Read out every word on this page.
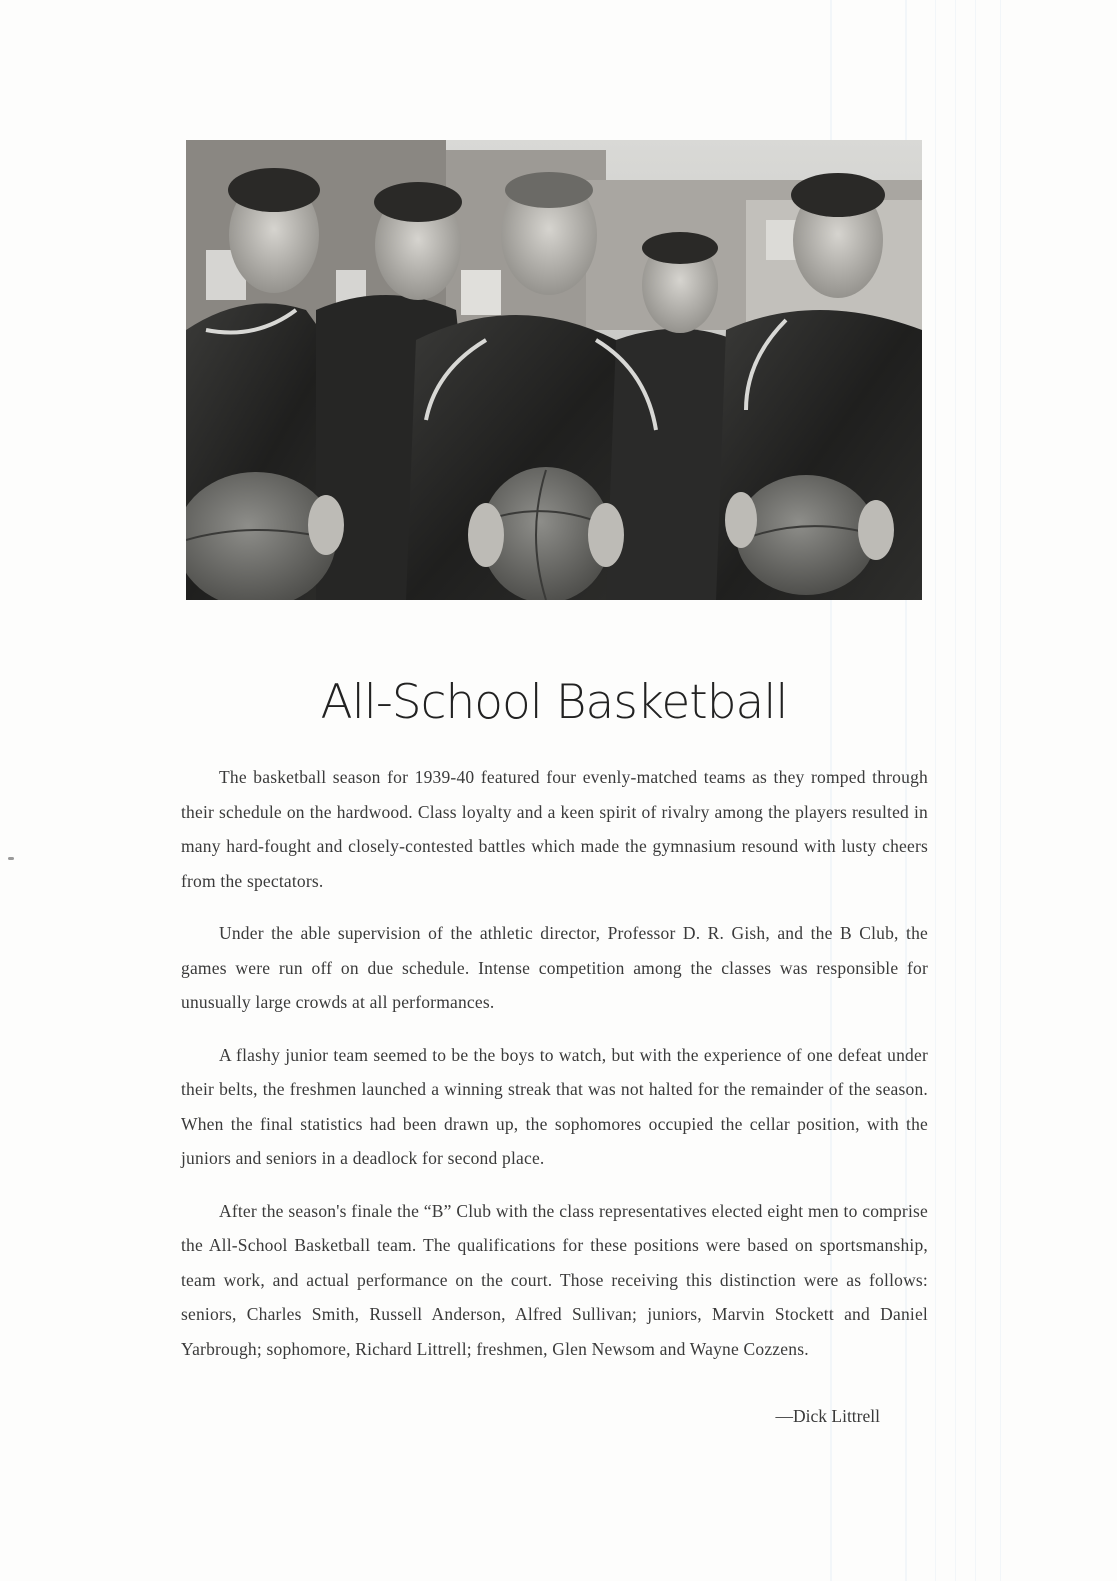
All-School Basketball

The basketball season for 1939-40 featured four evenly-matched teams as they romped through their schedule on the hardwood. Class loyalty and a keen spirit of rivalry among the players resulted in many hard-fought and closely-contested battles which made the gymnasium resound with lusty cheers from the spectators.

Under the able supervision of the athletic director, Professor D. R. Gish, and the B Club, the games were run off on due schedule. Intense competition among the classes was responsible for unusually large crowds at all performances.

A flashy junior team seemed to be the boys to watch, but with the experience of one defeat under their belts, the freshmen launched a winning streak that was not halted for the remainder of the season. When the final statistics had been drawn up, the sophomores occupied the cellar position, with the juniors and seniors in a deadlock for second place.

After the season's finale the “B” Club with the class representatives elected eight men to comprise the All-School Basketball team. The qualifications for these positions were based on sportsmanship, team work, and actual performance on the court. Those receiving this distinction were as follows: seniors, Charles Smith, Russell Anderson, Alfred Sullivan; juniors, Marvin Stockett and Daniel Yarbrough; sophomore, Richard Littrell; freshmen, Glen Newsom and Wayne Cozzens.

—Dick Littrell
